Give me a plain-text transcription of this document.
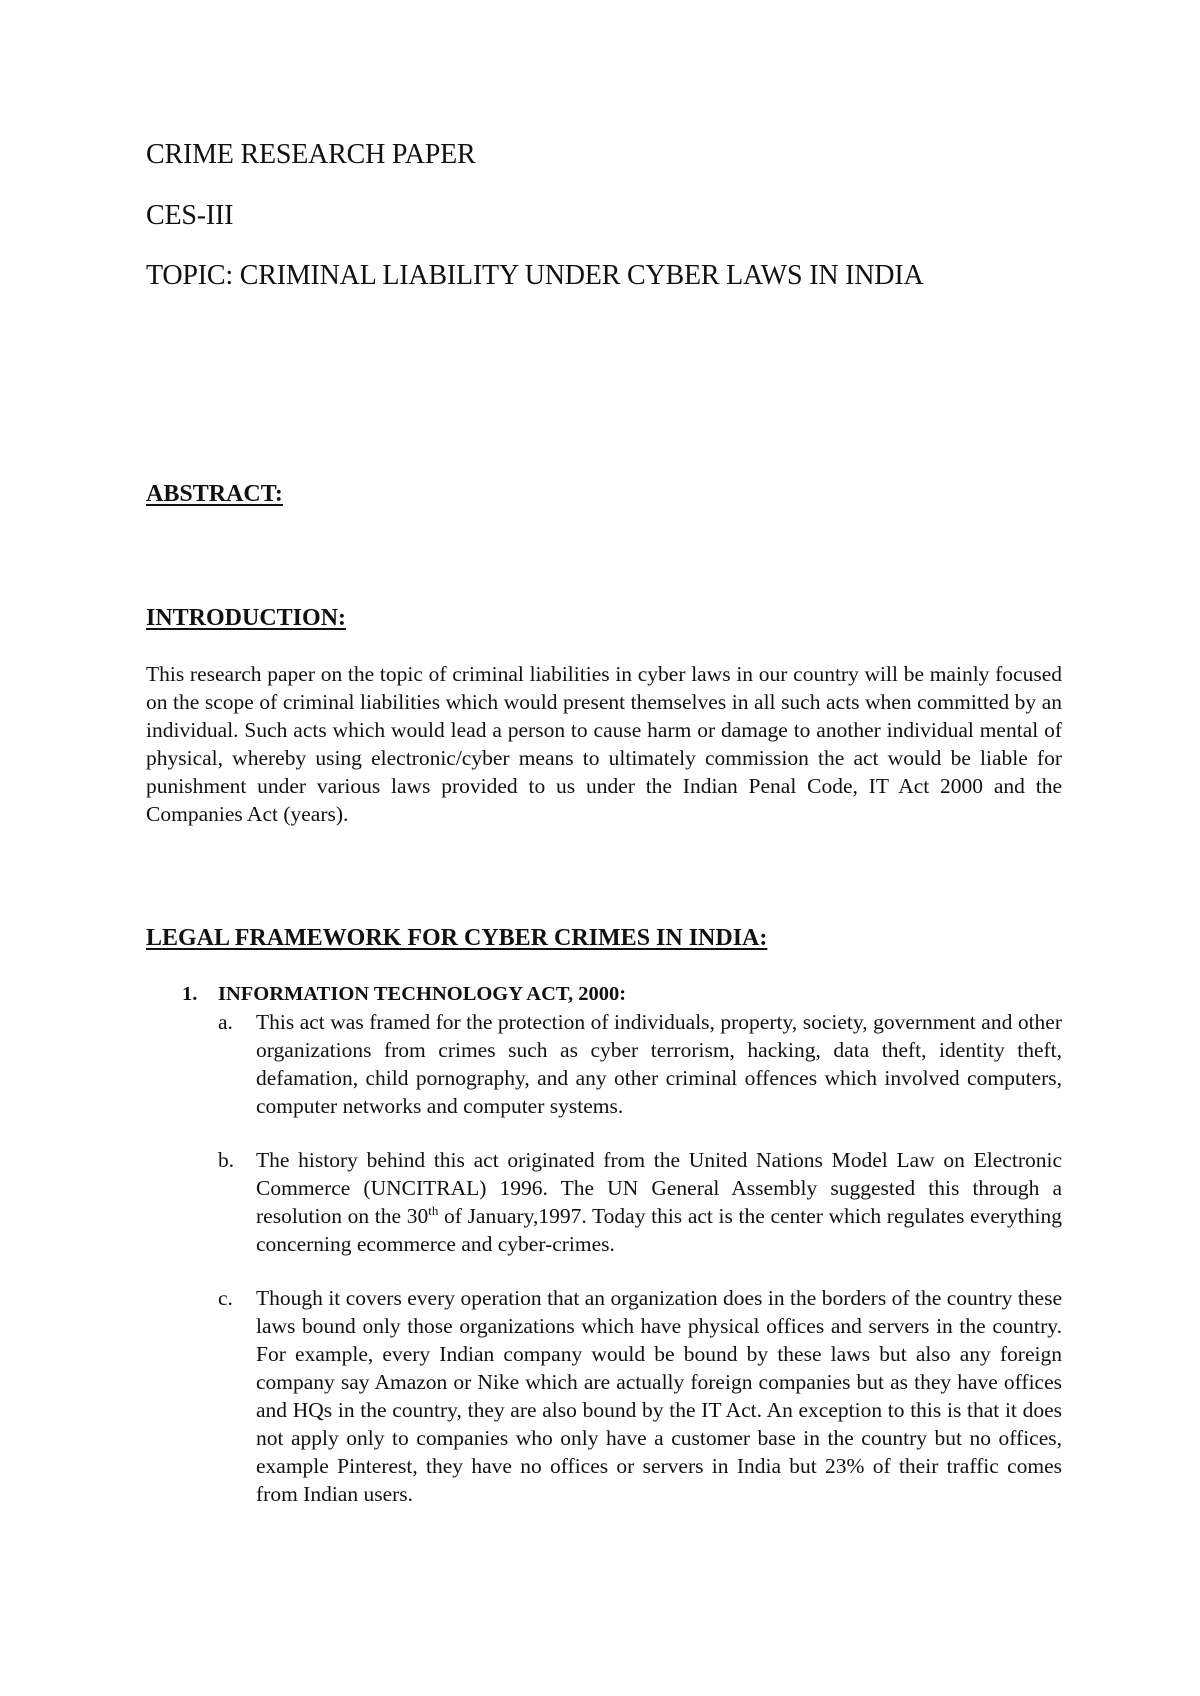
CRIME RESEARCH PAPER
CES-III
TOPIC: CRIMINAL LIABILITY UNDER CYBER LAWS IN INDIA
ABSTRACT:
INTRODUCTION:

This research paper on the topic of criminal liabilities in cyber laws in our country will be mainly focused on the scope of criminal liabilities which would present themselves in all such acts when committed by an individual. Such acts which would lead a person to cause harm or damage to another individual mental of physical, whereby using electronic/cyber means to ultimately commission the act would be liable for punishment under various laws provided to us under the Indian Penal Code, IT Act 2000 and the Companies Act (years).

LEGAL FRAMEWORK FOR CYBER CRIMES IN INDIA:
1. INFORMATION TECHNOLOGY ACT, 2000:

a. This act was framed for the protection of individuals, property, society, government and other organizations from crimes such as cyber terrorism, hacking, data theft, identity theft, defamation, child pornography, and any other criminal offences which involved computers, computer networks and computer systems.

b. The history behind this act originated from the United Nations Model Law on Electronic Commerce (UNCITRAL) 1996. The UN General Assembly suggested this through a resolution on the 30th of January,1997. Today this act is the center which regulates everything concerning ecommerce and cyber-crimes.

c. Though it covers every operation that an organization does in the borders of the country these laws bound only those organizations which have physical offices and servers in the country. For example, every Indian company would be bound by these laws but also any foreign company say Amazon or Nike which are actually foreign companies but as they have offices and HQs in the country, they are also bound by the IT Act. An exception to this is that it does not apply only to companies who only have a customer base in the country but no offices, example Pinterest, they have no offices or servers in India but 23% of their traffic comes from Indian users.
